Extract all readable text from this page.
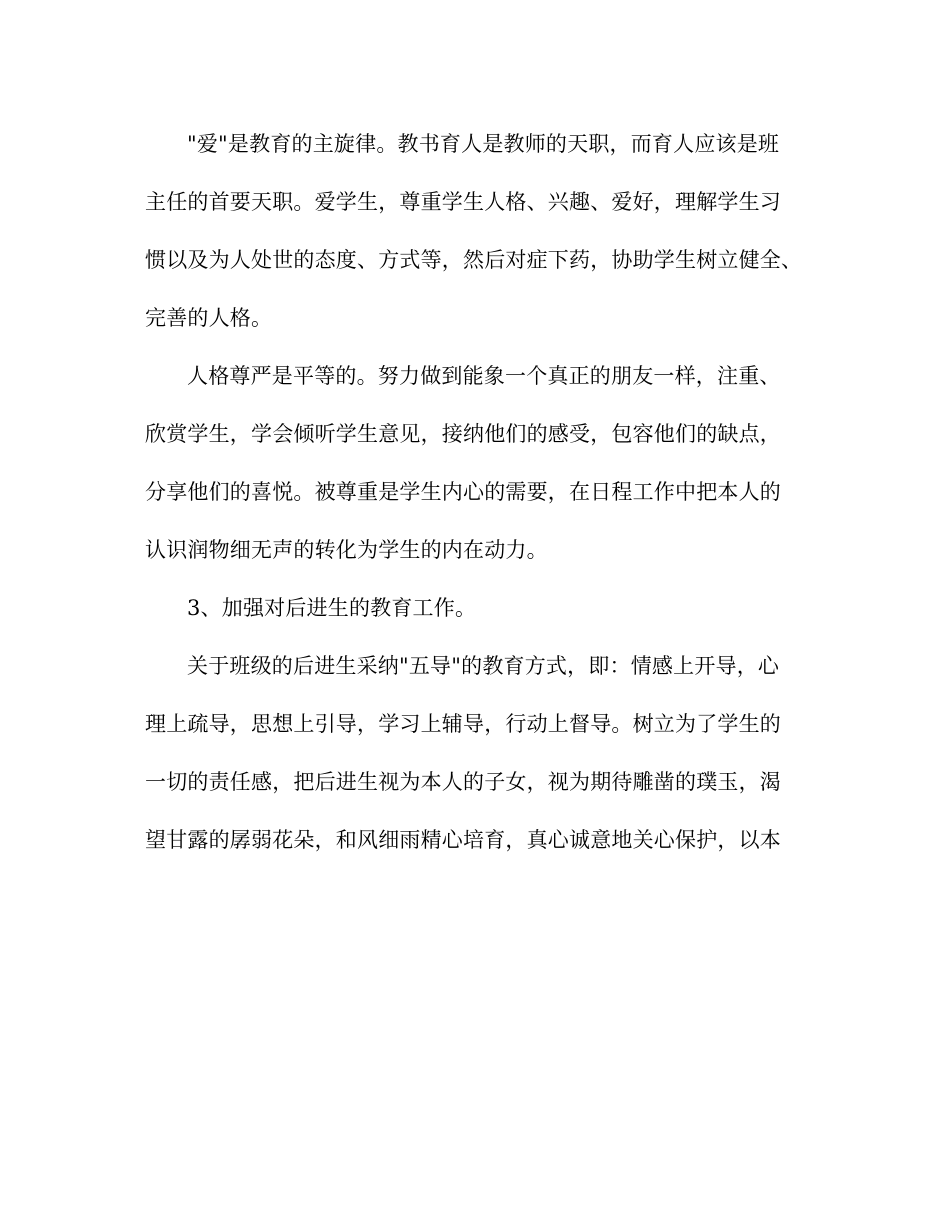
"爱"是教育的主旋律。教书育人是教师的天职，而育人应该是班
主任的首要天职。爱学生，尊重学生人格、兴趣、爱好，理解学生习
惯以及为人处世的态度、方式等，然后对症下药，协助学生树立健全、
完善的人格。
人格尊严是平等的。努力做到能象一个真正的朋友一样，注重、
欣赏学生，学会倾听学生意见，接纳他们的感受，包容他们的缺点，
分享他们的喜悦。被尊重是学生内心的需要，在日程工作中把本人的
认识润物细无声的转化为学生的内在动力。
3、加强对后进生的教育工作。
关于班级的后进生采纳"五导"的教育方式，即：情感上开导，心
理上疏导，思想上引导，学习上辅导，行动上督导。树立为了学生的
一切的责任感，把后进生视为本人的子女，视为期待雕凿的璞玉，渴
望甘露的孱弱花朵，和风细雨精心培育，真心诚意地关心保护，以本
